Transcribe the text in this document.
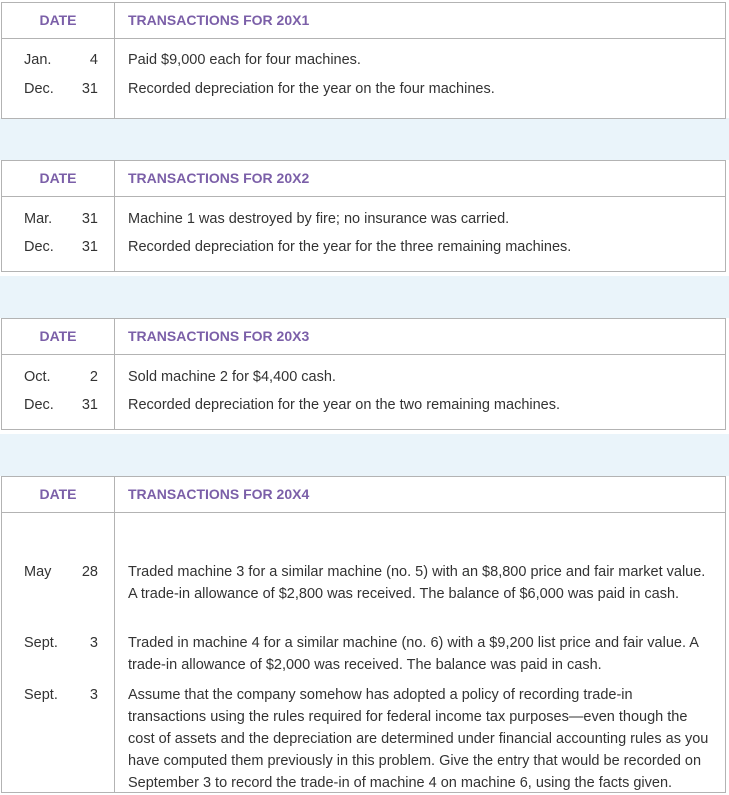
DATE	TRANSACTIONS FOR 20X1
Jan.	4 Paid $9,000 each for four machines.
Dec. 31 Recorded depreciation for the year on the four machines.
DATE	TRANSACTIONS FOR 20X2
Mar. 31 Machine 1 was destroyed by fire; no insurance was carried.
Dec. 31 Recorded depreciation for the year for the three remaining machines.
DATE	TRANSACTIONS FOR 20X3
Oct.	2 Sold machine 2 for $4,400 cash.
Dec. 31 Recorded depreciation for the year on the two remaining machines.
DATE	TRANSACTIONS FOR 20X4
May 28 Traded machine 3 for a similar machine (no. 5) with an $8,800 price and fair market value. A trade-in allowance of $2,800 was received. The balance of $6,000 was paid in cash.
Sept. 3 Traded in machine 4 for a similar machine (no. 6) with a $9,200 list price and fair value. A trade-in allowance of $2,000 was received. The balance was paid in cash.
Sept. 3 Assume that the company somehow has adopted a policy of recording trade-in transactions using the rules required for federal income tax purposes—even though the cost of assets and the depreciation are determined under financial accounting rules as you have computed them previously in this problem. Give the entry that would be recorded on September 3 to record the trade-in of machine 4 on machine 6, using the facts given.
